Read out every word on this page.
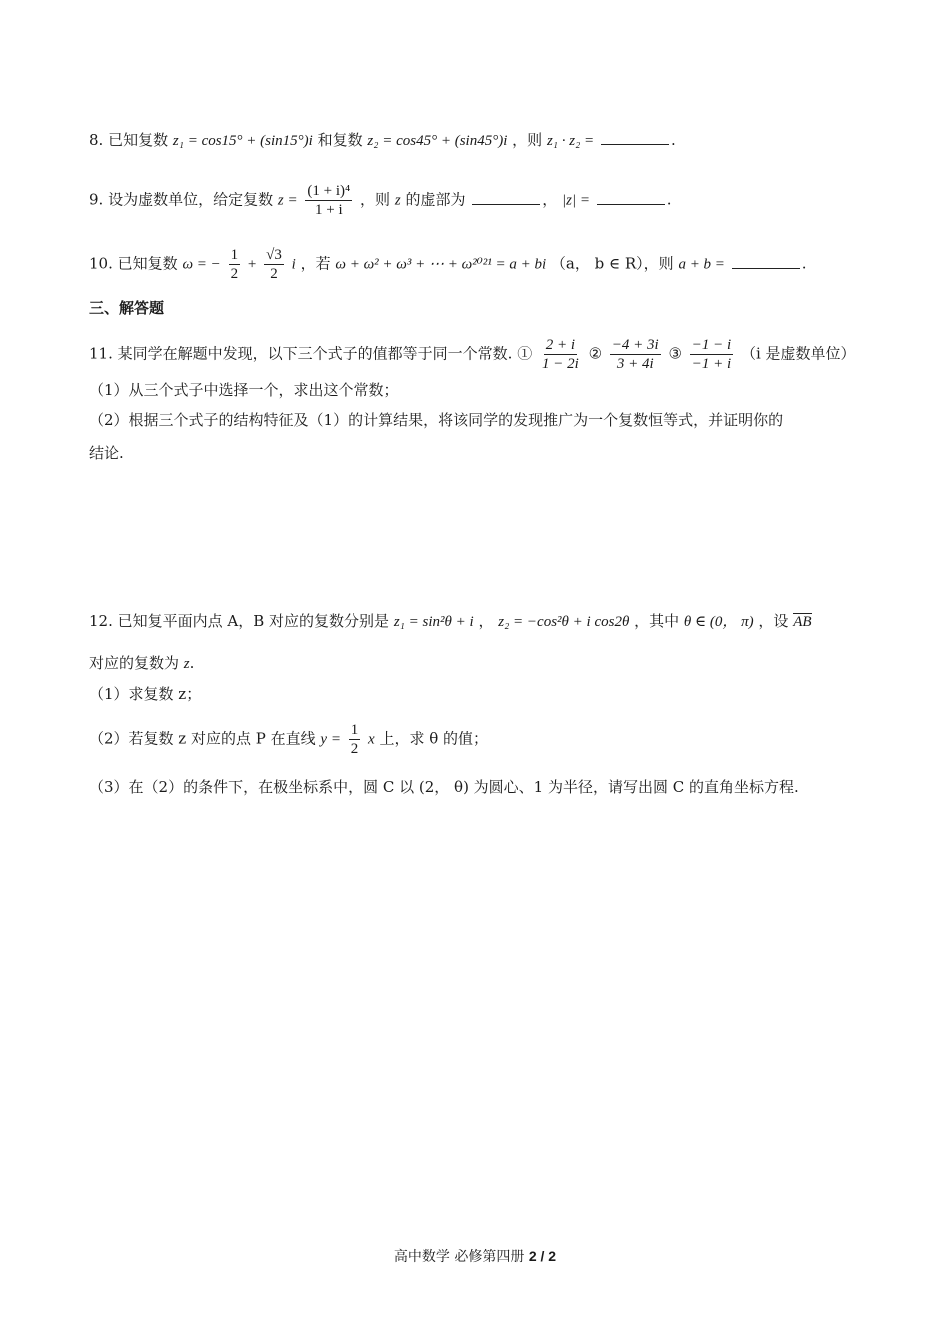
8. 已知复数 z₁ = cos15° + (sin15°)i 和复数 z₂ = cos45° + (sin45°)i ，则 z₁ · z₂ =	.
9. 设为虚数单位，给定复数 $z = \frac{\text{(1 + i)⁴}}{1 + i}$ ，则 z 的虚部为	， |z| =	.
10. 已知复数 ω = − $\frac{1}{2} + \frac{√3}{2}$ i ，若 ω + ω² + ω³ + ⋯ + ω²⁰²¹ = a + bi （a， b ∈ R），则 a + b =	.
三、解答题
11. 某同学在解题中发现，以下三个式子的值都等于同一个常数. ① $\frac{2 + i}{1 - 2i}$ ② $\frac{-4 + 3i}{3 + 4i}$ ③ $\frac{-1 - i}{-1 + i} (i$ 是虚数单位）
（1）从三个式子中选择一个，求出这个常数；
（2）根据三个式子的结构特征及（1）的计算结果，将该同学的发现推广为一个复数恒等式，并证明你的
结论.
12. 已知复平面内点 A，B 对应的复数分别是 z₁ = sin²θ + i ， z₂ = −cos²θ + i cos2θ ，其中 θ ∈ (0， π) ，设 AB
对应的复数为 z.
（1）求复数 z；
（2）若复数 z 对应的点 P 在直线 $y = \frac{1}{2}$ x 上，求 θ 的值；
（3）在（2）的条件下，在极坐标系中，圆 C 以 (2， θ) 为圆心、1 为半径，请写出圆 C 的直角坐标方程.
高中数学 必修第四册 2 / 2
